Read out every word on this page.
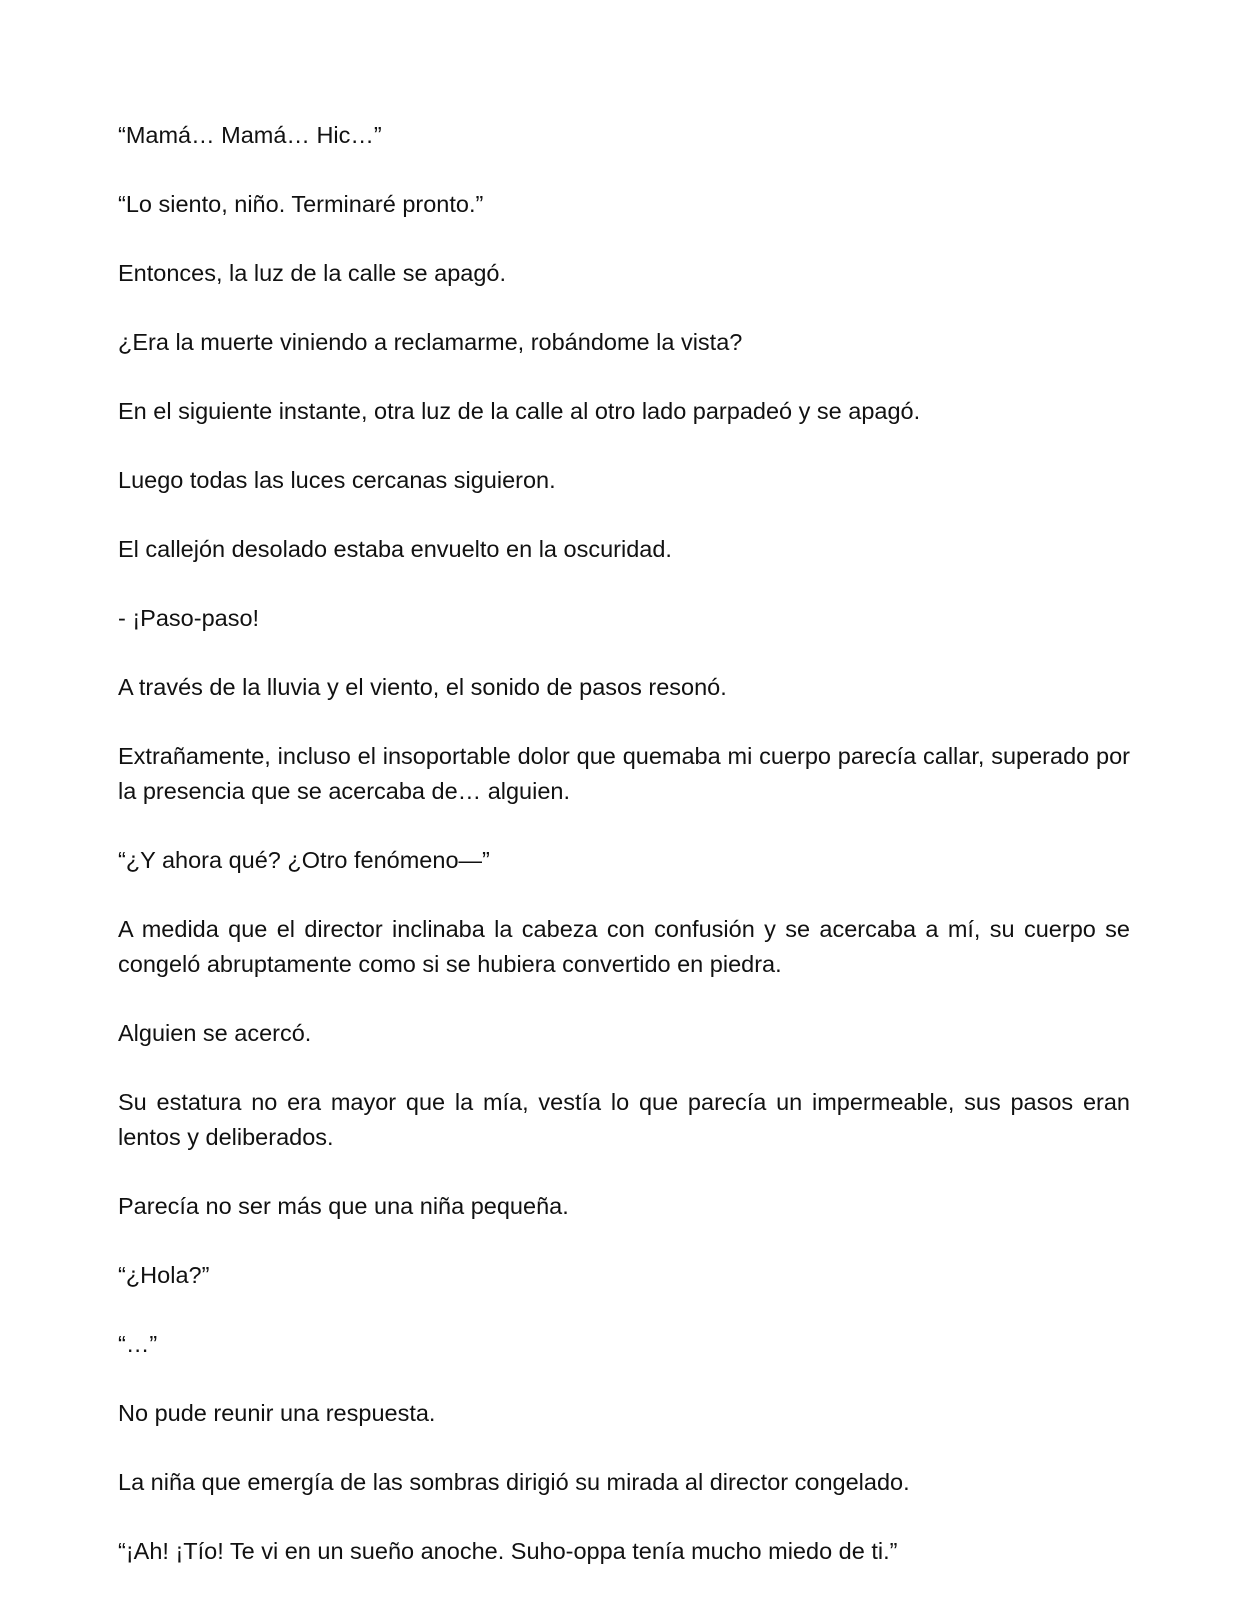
“Mamá… Mamá… Hic…”

“Lo siento, niño. Terminaré pronto.”

Entonces, la luz de la calle se apagó.

¿Era la muerte viniendo a reclamarme, robándome la vista?

En el siguiente instante, otra luz de la calle al otro lado parpadeó y se apagó.

Luego todas las luces cercanas siguieron.

El callejón desolado estaba envuelto en la oscuridad.

- ¡Paso-paso!

A través de la lluvia y el viento, el sonido de pasos resonó.

Extrañamente, incluso el insoportable dolor que quemaba mi cuerpo parecía callar, superado por la presencia que se acercaba de… alguien.

“¿Y ahora qué? ¿Otro fenómeno—”

A medida que el director inclinaba la cabeza con confusión y se acercaba a mí, su cuerpo se congeló abruptamente como si se hubiera convertido en piedra.

Alguien se acercó.

Su estatura no era mayor que la mía, vestía lo que parecía un impermeable, sus pasos eran lentos y deliberados.

Parecía no ser más que una niña pequeña.

“¿Hola?”

“…”

No pude reunir una respuesta.

La niña que emergía de las sombras dirigió su mirada al director congelado.

“¡Ah! ¡Tío! Te vi en un sueño anoche. Suho-oppa tenía mucho miedo de ti.”
